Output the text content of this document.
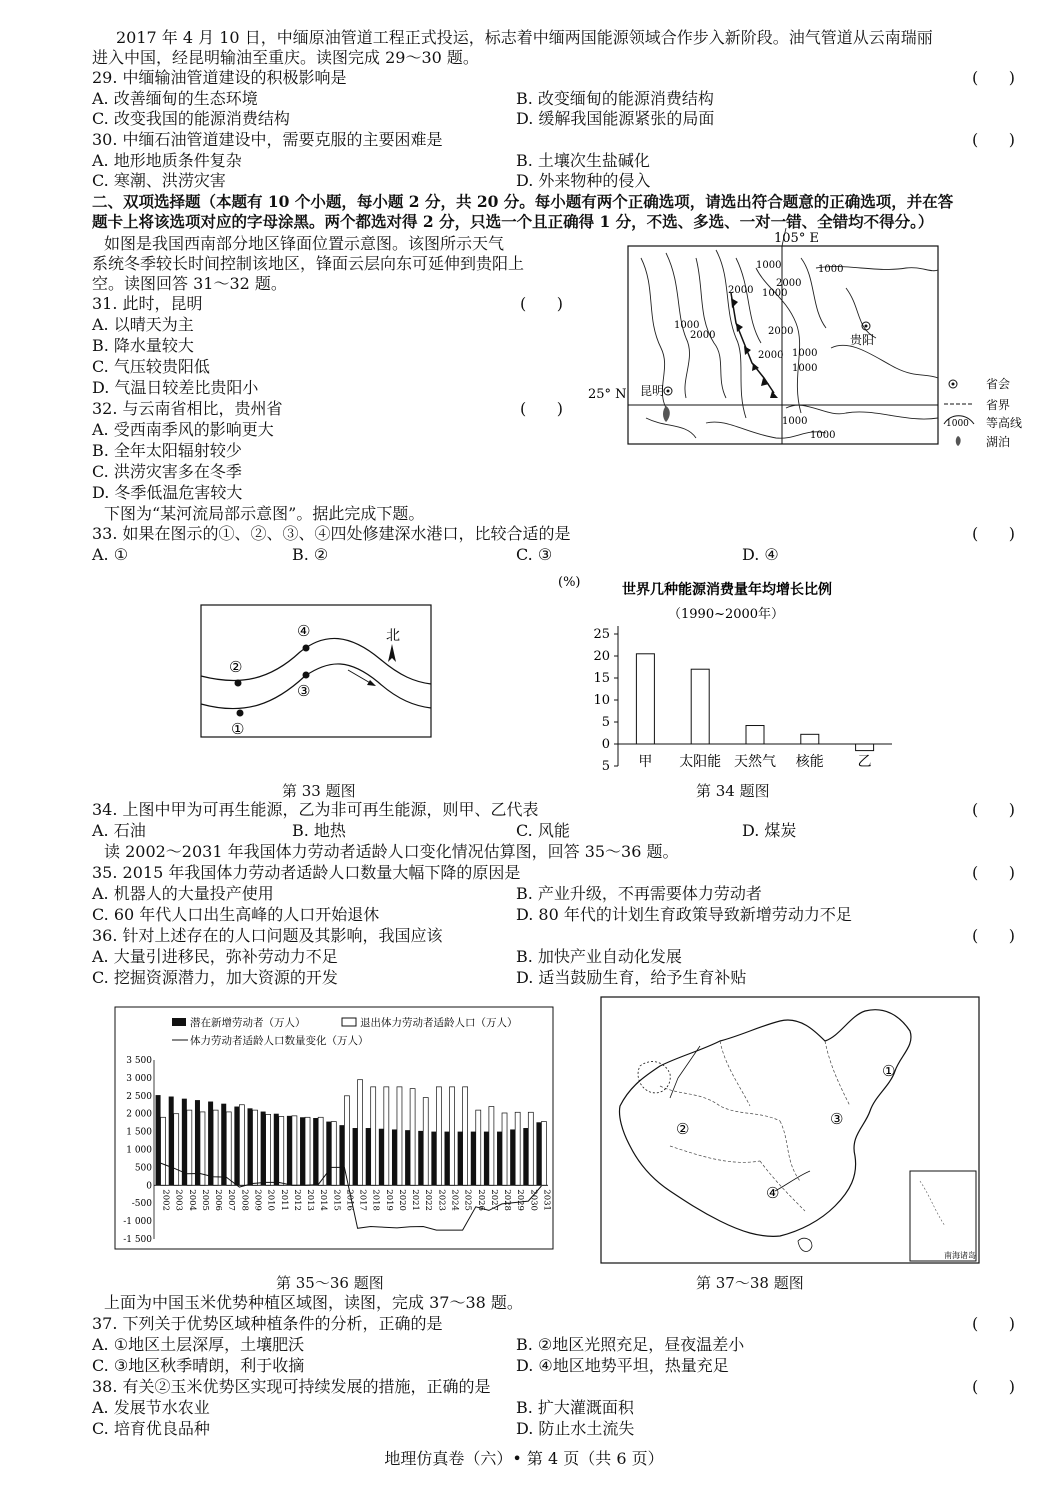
2017 年 4 月 10 日，中缅原油管道工程正式投运，标志着中缅两国能源领域合作步入新阶段。油气管道从云南瑞丽
进入中国，经昆明输油至重庆。读图完成 29～30 题。
29. 中缅输油管道建设的积极影响是	(      )
A. 改善缅甸的生态环境	B. 改变缅甸的能源消费结构
C. 改变我国的能源消费结构	D. 缓解我国能源紧张的局面
30. 中缅石油管道建设中，需要克服的主要困难是	(      )
A. 地形地质条件复杂	B. 土壤次生盐碱化
C. 寒潮、洪涝灾害	D. 外来物种的侵入
二、双项选择题（本题有 10 个小题，每小题 2 分，共 20 分。每小题有两个正确选项，请选出符合题意的正确选项，并在答
题卡上将该选项对应的字母涂黑。两个都选对得 2 分，只选一个且正确得 1 分，不选、多选、一对一错、全错均不得分。）
如图是我国西南部分地区锋面位置示意图。该图所示天气
系统冬季较长时间控制该地区，锋面云层向东可延伸到贵阳上
空。读图回答 31～32 题。
31. 此时，昆明	(      )
A. 以晴天为主
B. 降水量较大
C. 气压较贵阳低
D. 气温日较差比贵阳小
32. 与云南省相比，贵州省	(      )
A. 受西南季风的影响更大
B. 全年太阳辐射较少
C. 洪涝灾害多在冬季
D. 冬季低温危害较大
105° E
25° N
1000
2000
1000
1000
2000
2000
2000
1000
2000 1000
1000
1000
1000
贵阳
昆明	省会
省界
1000 等高线
湖泊
下图为“某河流局部示意图”。据此完成下题。
33. 如果在图示的①、②、③、④四处修建深水港口，比较合适的是	(      )
A. ①	B. ②	C. ③	D. ④
②
①
③
④	北
第 33 题图
(%)	世界几种能源消费量年均增长比例
（1990~2000年）
25
20
15
10
5
0
5 甲 太阳能 天然气 核能 乙
第 34 题图
34. 上图中甲为可再生能源，乙为非可再生能源，则甲、乙代表	(      )
A. 石油	B. 地热	C. 风能	D. 煤炭
读 2002～2031 年我国体力劳动者适龄人口变化情况估算图，回答 35～36 题。
35. 2015 年我国体力劳动者适龄人口数量大幅下降的原因是	(      )
A. 机器人的大量投产使用	B. 产业升级，不再需要体力劳动者
C. 60 年代人口出生高峰的人口开始退休	D. 80 年代的计划生育政策导致新增劳动力不足
36. 针对上述存在的人口问题及其影响，我国应该	(      )
A. 大量引进移民，弥补劳动力不足	B. 加快产业自动化发展
C. 挖掘资源潜力，加大资源的开发	D. 适当鼓励生育，给予生育补贴
潜在新增劳动者（万人）	退出体力劳动者适龄人口（万人）
体力劳动者适龄人口数量变化（万人）
3 500
3 000
2 500
2 000
1 500
1 000
500
0
-500
-1 000
-1 500
2002 2003 2004 2005 2006 2007 2008 2009 2010 2011 2012 2013 2014 2015 2016 2017 2018 2019 2020 2021 2022 2023 2024 2025 2026 2027 2028 2029 2030 2031
第 35～36 题图
①
②
③
④
南海诸岛
第 37～38 题图
上面为中国玉米优势种植区域图，读图，完成 37～38 题。
37. 下列关于优势区域种植条件的分析，正确的是	(      )
A. ①地区土层深厚，土壤肥沃	B. ②地区光照充足，昼夜温差小
C. ③地区秋季晴朗，利于收摘	D. ④地区地势平坦，热量充足
38. 有关②玉米优势区实现可持续发展的措施，正确的是	(      )
A. 发展节水农业	B. 扩大灌溉面积
C. 培育优良品种	D. 防止水土流失
地理仿真卷（六）• 第 4 页（共 6 页）
